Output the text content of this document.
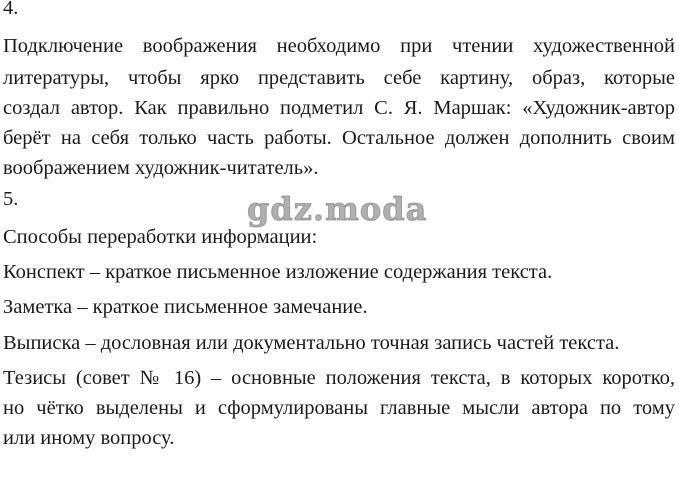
4.
Подключение воображения необходимо при чтении художественной
литературы, чтобы ярко представить себе картину, образ, которые
создал автор. Как правильно подметил С. Я. Маршак: «Художник-автор
берёт на себя только часть работы. Остальное должен дополнить своим
воображением художник-читатель».
5.	gdz.moda
Способы переработки информации:
Конспект – краткое письменное изложение содержания текста.
Заметка – краткое письменное замечание.
Выписка – дословная или документально точная запись частей текста.
Тезисы (совет № 16) – основные положения текста, в которых коротко,
но чётко выделены и сформулированы главные мысли автора по тому
или иному вопросу.
